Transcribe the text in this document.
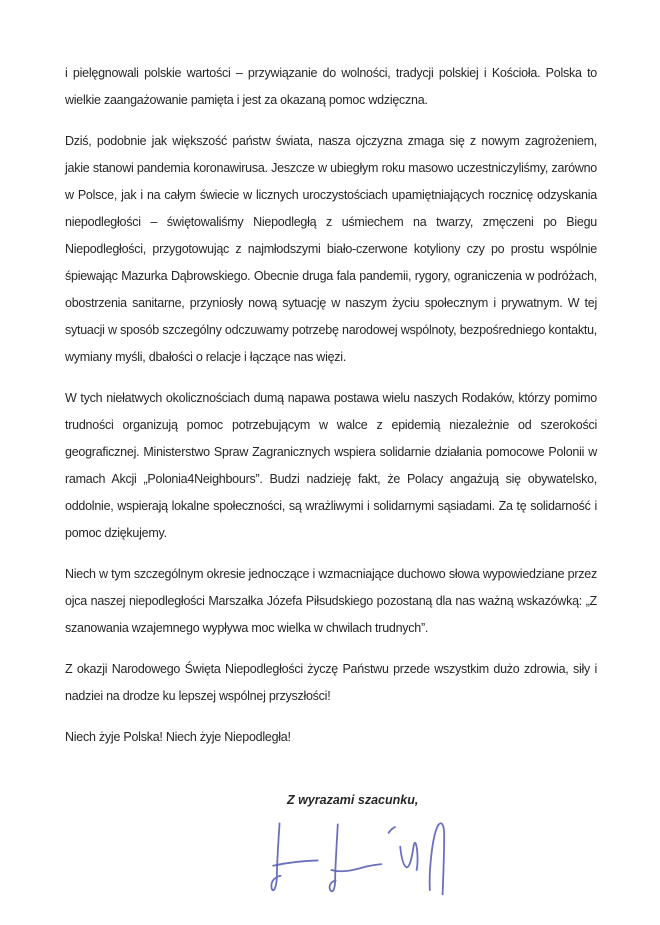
i pielęgnowali polskie wartości – przywiązanie do wolności, tradycji polskiej i Kościoła. Polska to wielkie zaangażowanie pamięta i jest za okazaną pomoc wdzięczna.

Dziś, podobnie jak większość państw świata, nasza ojczyzna zmaga się z nowym zagrożeniem, jakie stanowi pandemia koronawirusa. Jeszcze w ubiegłym roku masowo uczestniczyliśmy, zarówno w Polsce, jak i na całym świecie w licznych uroczystościach upamiętniających rocznicę odzyskania niepodległości – świętowaliśmy Niepodległą z uśmiechem na twarzy, zmęczeni po Biegu Niepodległości, przygotowując z najmłodszymi biało-czerwone kotyliony czy po prostu wspólnie śpiewając Mazurka Dąbrowskiego. Obecnie druga fala pandemii, rygory, ograniczenia w podróżach, obostrzenia sanitarne, przyniosły nową sytuację w naszym życiu społecznym i prywatnym. W tej sytuacji w sposób szczególny odczuwamy potrzebę narodowej wspólnoty, bezpośredniego kontaktu, wymiany myśli, dbałości o relacje i łączące nas więzi.

W tych niełatwych okolicznościach dumą napawa postawa wielu naszych Rodaków, którzy pomimo trudności organizują pomoc potrzebującym w walce z epidemią niezależnie od szerokości geograficznej. Ministerstwo Spraw Zagranicznych wspiera solidarnie działania pomocowe Polonii w ramach Akcji „Polonia4Neighbours”. Budzi nadzieję fakt, że Polacy angażują się obywatelsko, oddolnie, wspierają lokalne społeczności, są wrażliwymi i solidarnymi sąsiadami. Za tę solidarność i pomoc dziękujemy.

Niech w tym szczególnym okresie jednoczące i wzmacniające duchowo słowa wypowiedziane przez ojca naszej niepodległości Marszałka Józefa Piłsudskiego pozostaną dla nas ważną wskazówką: „Z szanowania wzajemnego wypływa moc wielka w chwilach trudnych”.

Z okazji Narodowego Święta Niepodległości życzę Państwu przede wszystkim dużo zdrowia, siły i nadziei na drodze ku lepszej wspólnej przyszłości!

Niech żyje Polska! Niech żyje Niepodległa!

Z wyrazami szacunku,
